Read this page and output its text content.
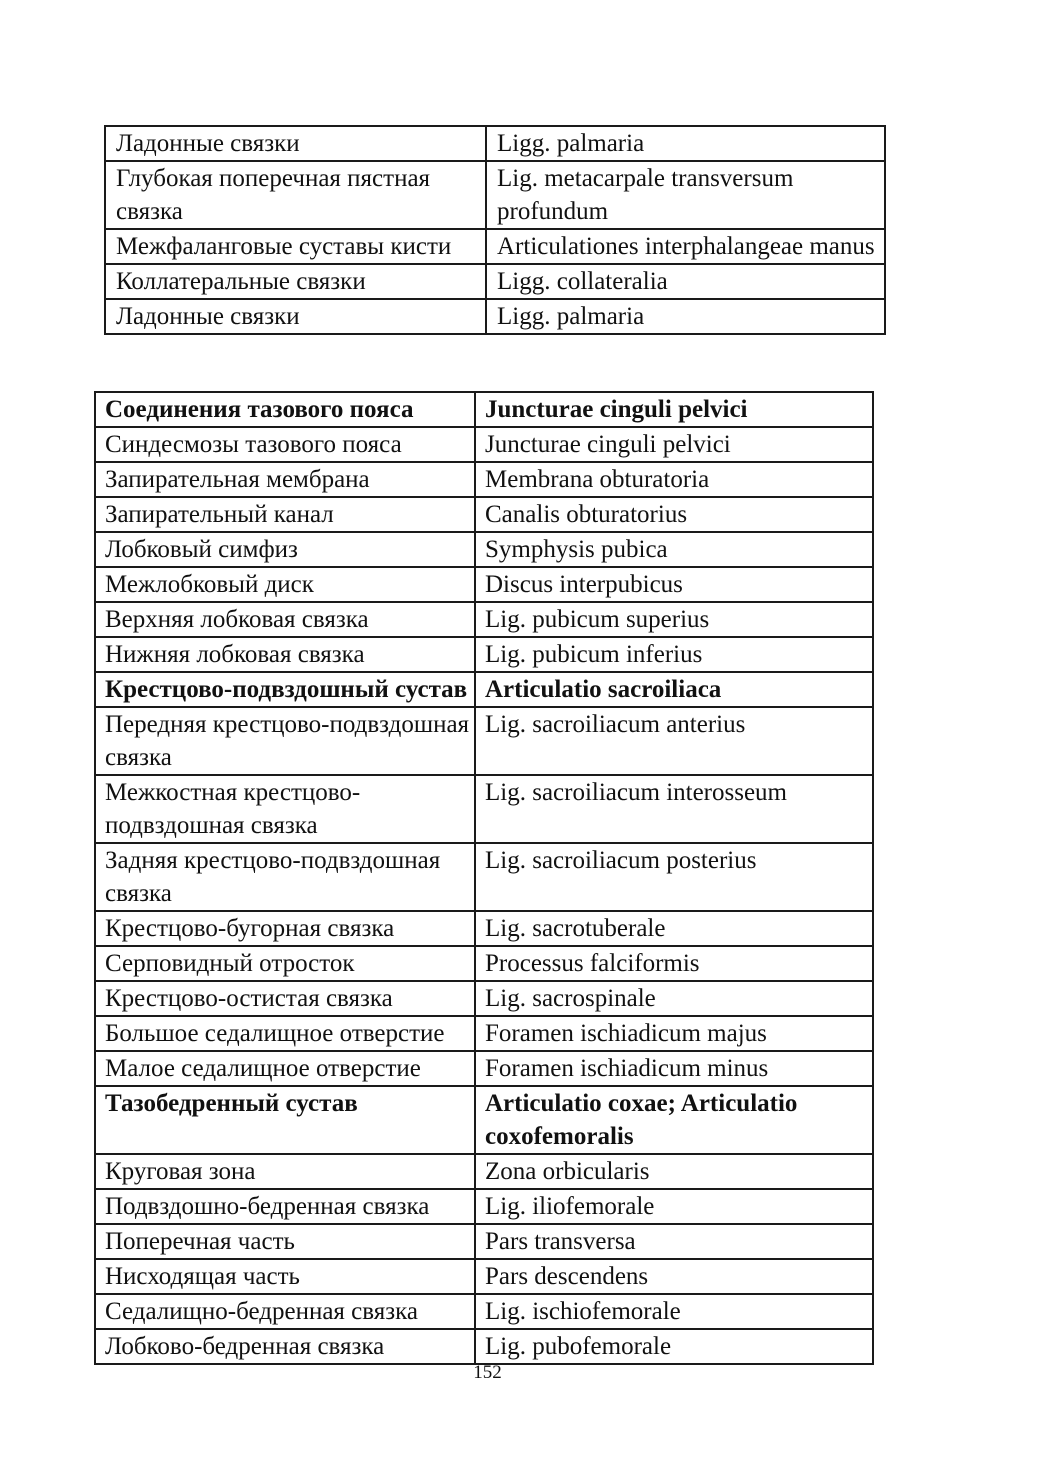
Ладонные связки	Ligg. palmaria
Глубокая поперечная пястная связка	Lig. metacarpale transversum profundum
Межфаланговые суставы кисти	Articulationes interphalangeae manus
Коллатеральные связки	Ligg. collateralia
Ладонные связки	Ligg. palmaria
Соединения тазового пояса	Juncturae cinguli pelvici
Синдесмозы тазового пояса	Juncturae cinguli pelvici
Запирательная мембрана	Membrana obturatoria
Запирательный канал	Canalis obturatorius
Лобковый симфиз	Symphysis pubica
Межлобковый диск	Discus interpubicus
Верхняя лобковая связка	Lig. pubicum superius
Нижняя лобковая связка	Lig. pubicum inferius
Крестцово-подвздошный сустав	Articulatio sacroiliaca
Передняя крестцово-подвздошная связка	Lig. sacroiliacum anterius
Межкостная крестцово-подвздошная связка	Lig. sacroiliacum interosseum
Задняя крестцово-подвздошная связка	Lig. sacroiliacum posterius
Крестцово-бугорная связка	Lig. sacrotuberale
Серповидный отросток	Processus falciformis
Крестцово-остистая связка	Lig. sacrospinale
Большое седалищное отверстие	Foramen ischiadicum majus
Малое седалищное отверстие	Foramen ischiadicum minus
Тазобедренный сустав	Articulatio coxae; Articulatio coxofemoralis
Круговая зона	Zona orbicularis
Подвздошно-бедренная связка	Lig. iliofemorale
Поперечная часть	Pars transversa
Нисходящая часть	Pars descendens
Седалищно-бедренная связка	Lig. ischiofemorale
Лобково-бедренная связка	Lig. pubofemorale
152
